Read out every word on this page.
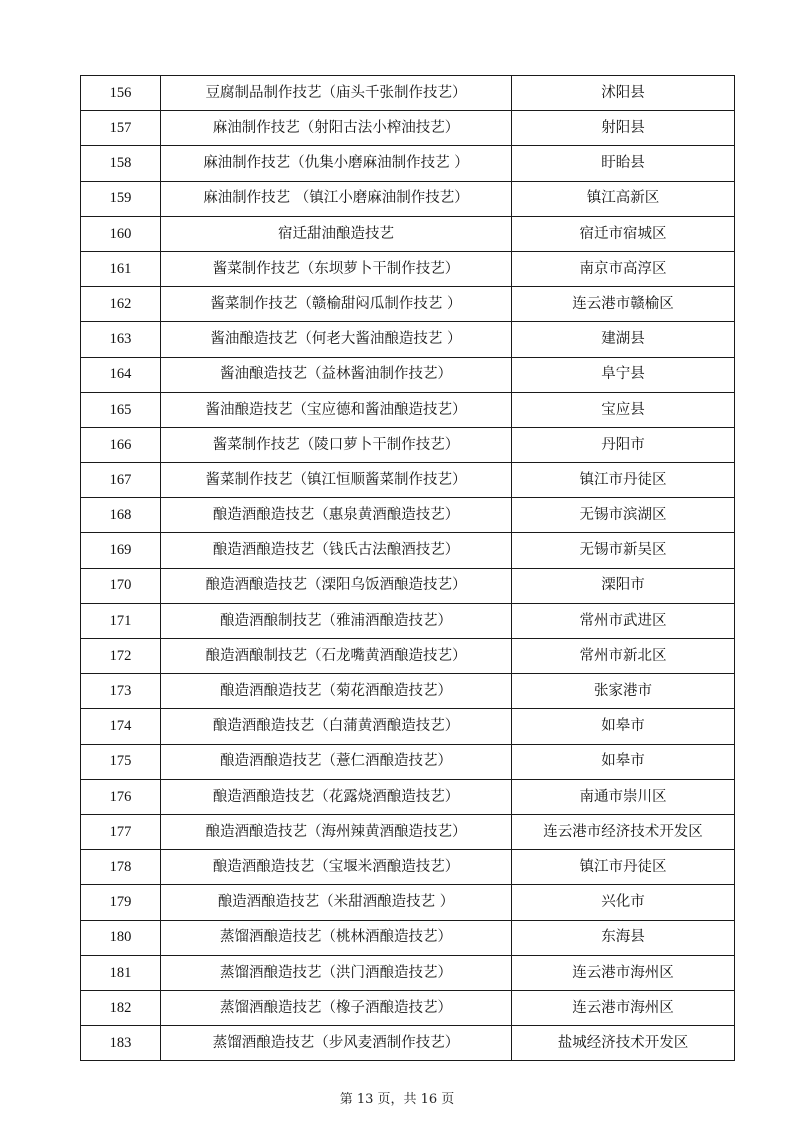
156	豆腐制品制作技艺（庙头千张制作技艺）	沭阳县
157	麻油制作技艺（射阳古法小榨油技艺）	射阳县
158	麻油制作技艺（仇集小磨麻油制作技艺 ）	盱眙县
159	麻油制作技艺 （镇江小磨麻油制作技艺）	镇江高新区
160	宿迁甜油酿造技艺	宿迁市宿城区
161	酱菜制作技艺（东坝萝卜干制作技艺）	南京市高淳区
162	酱菜制作技艺（赣榆甜闷瓜制作技艺 ）	连云港市赣榆区
163	酱油酿造技艺（何老大酱油酿造技艺 ）	建湖县
164	酱油酿造技艺（益林酱油制作技艺）	阜宁县
165	酱油酿造技艺（宝应德和酱油酿造技艺）	宝应县
166	酱菜制作技艺（陵口萝卜干制作技艺）	丹阳市
167	酱菜制作技艺（镇江恒顺酱菜制作技艺）	镇江市丹徒区
168	酿造酒酿造技艺（惠泉黄酒酿造技艺）	无锡市滨湖区
169	酿造酒酿造技艺（钱氏古法酿酒技艺）	无锡市新吴区
170	酿造酒酿造技艺（溧阳乌饭酒酿造技艺）	溧阳市
171	酿造酒酿制技艺（雅浦酒酿造技艺）	常州市武进区
172	酿造酒酿制技艺（石龙嘴黄酒酿造技艺）	常州市新北区
173	酿造酒酿造技艺（菊花酒酿造技艺）	张家港市
174	酿造酒酿造技艺（白蒲黄酒酿造技艺）	如皋市
175	酿造酒酿造技艺（薏仁酒酿造技艺）	如皋市
176	酿造酒酿造技艺（花露烧酒酿造技艺）	南通市崇川区
177	酿造酒酿造技艺（海州辣黄酒酿造技艺）	连云港市经济技术开发区
178	酿造酒酿造技艺（宝堰米酒酿造技艺）	镇江市丹徒区
179	酿造酒酿造技艺（米甜酒酿造技艺 ）	兴化市
180	蒸馏酒酿造技艺（桃林酒酿造技艺）	东海县
181	蒸馏酒酿造技艺（洪门酒酿造技艺）	连云港市海州区
182	蒸馏酒酿造技艺（橡子酒酿造技艺）	连云港市海州区
183	蒸馏酒酿造技艺（步风麦酒制作技艺）	盐城经济技术开发区
第 13 页，共 16 页
